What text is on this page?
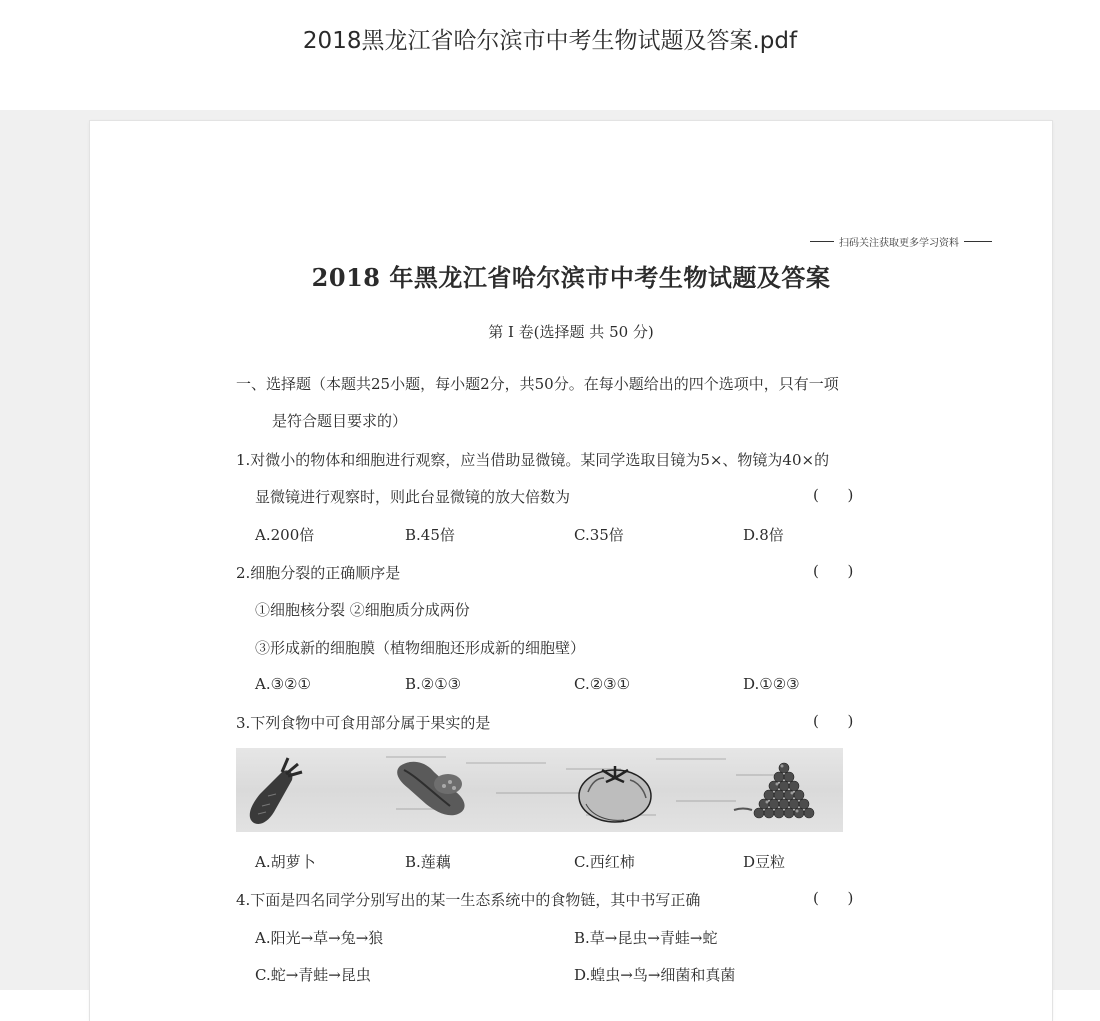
2018黑龙江省哈尔滨市中考生物试题及答案.pdf
扫码关注获取更多学习资料
2018 年黑龙江省哈尔滨市中考生物试题及答案
第 I 卷(选择题 共 50 分)
一、选择题（本题共25小题，每小题2分，共50分。在每小题给出的四个选项中，只有一项
是符合题目要求的）
1.对微小的物体和细胞进行观察，应当借助显微镜。某同学选取目镜为5×、物镜为40×的
显微镜进行观察时，则此台显微镜的放大倍数为	(      )
A.200倍	B.45倍	C.35倍	D.8倍
2.细胞分裂的正确顺序是	(      )
①细胞核分裂 ②细胞质分成两份
③形成新的细胞膜（植物细胞还形成新的细胞壁）
A.③②①	B.②①③	C.②③①	D.①②③
3.下列食物中可食用部分属于果实的是	(      )
A.胡萝卜	B.莲藕	C.西红柿	D豆粒
4.下面是四名同学分别写出的某一生态系统中的食物链，其中书写正确	(      )
A.阳光→草→兔→狼	B.草→昆虫→青蛙→蛇
C.蛇→青蛙→昆虫	D.蝗虫→鸟→细菌和真菌
